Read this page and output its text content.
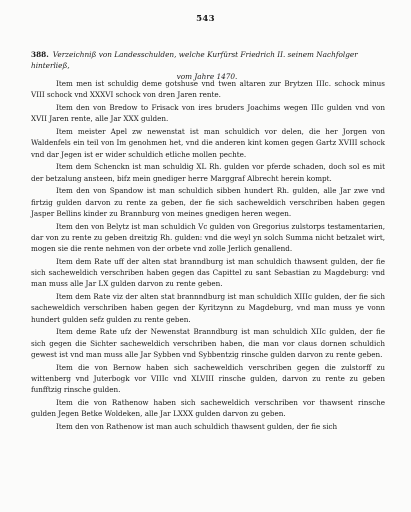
543
388. Verzeichniß von Landesschulden, welche Kurfürst Friedrich II. seinem Nachfolger hinterließ,
vom Jahre 1470.

Item men ist schuldig deme gotshuse vnd twen altaren zur Brytzen IIIc. schock minus VIII schock vnd XXXVI schock von dren Jaren rente.

Item den von Bredow to Frisack von ires bruders Joachims wegen IIIc gulden vnd von XVII Jaren rente, alle Jar XXX gulden.

Item meister Apel zw newenstat ist man schuldich vor delen, die her Jorgen von Waldenfels ein teil von Im genohmen het, vnd die anderen kint komen gegen Gartz XVIII schock vnd dar Jegen ist er wider schuldich etliche mollen pechte.

Item dem Schenckn ist man schuldig XL Rh. gulden vor pferde schaden, doch sol es mit der betzalung ansteen, bifz mein gnediger herre Marggraf Albrecht herein kompt.

Item den von Spandow ist man schuldich sibben hundert Rh. gulden, alle Jar zwe vnd firtzig gulden darvon zu rente za geben, der fie sich sacheweldich verschriben haben gegen Jasper Bellins kinder zu Brannburg von meines gnedigen heren wegen.

Item den von Belytz ist man schuldich Vc gulden von Gregorius zulstorps testamentarien, dar von zu rente zu geben dreitzig Rh. gulden: vnd die weyl yn solch Summa nicht betzalet wirt, mogen sie die rente nehmen von der orbete vnd zolle Jerlich genallend.

Item dem Rate uff der alten stat branndburg ist man schuldich thawsent gulden, der fie sich sacheweldich verschriben haben gegen das Capittel zu sant Sebastian zu Magdeburg: vnd man muss alle Jar LX gulden darvon zu rente geben.

Item dem Rate viz der alten stat brannndburg ist man schuldich XIIIc gulden, der fie sich sacheweldich verschriben haben gegen der Kyritzynn zu Magdeburg, vnd man muss ye vonn hundert gulden sefz gulden zu rente geben.

Item deme Rate ufz der Newenstat Branndburg ist man schuldich XIIc gulden, der fie sich gegen die Sichter sacheweldich verschriben haben, die man vor claus dornen schuldich gewest ist vnd man muss alle Jar Sybben vnd Sybbentzig rinsche gulden darvon zu rente geben.

Item die von Bernow haben sich sacheweldich verschriben gegen die zulstorff zu wittenberg vnd Juterbogk vor VIIIc vnd XLVIII rinsche gulden, darvon zu rente zu geben funfftzig rinsche gulden.

Item die von Rathenow haben sich sacheweldich verschriben vor thawsent rinsche gulden Jegen Betke Woldeken, alle Jar LXXX gulden darvon zu geben.

Item den von Rathenow ist man auch schuldich thawsent gulden, der fie sich
